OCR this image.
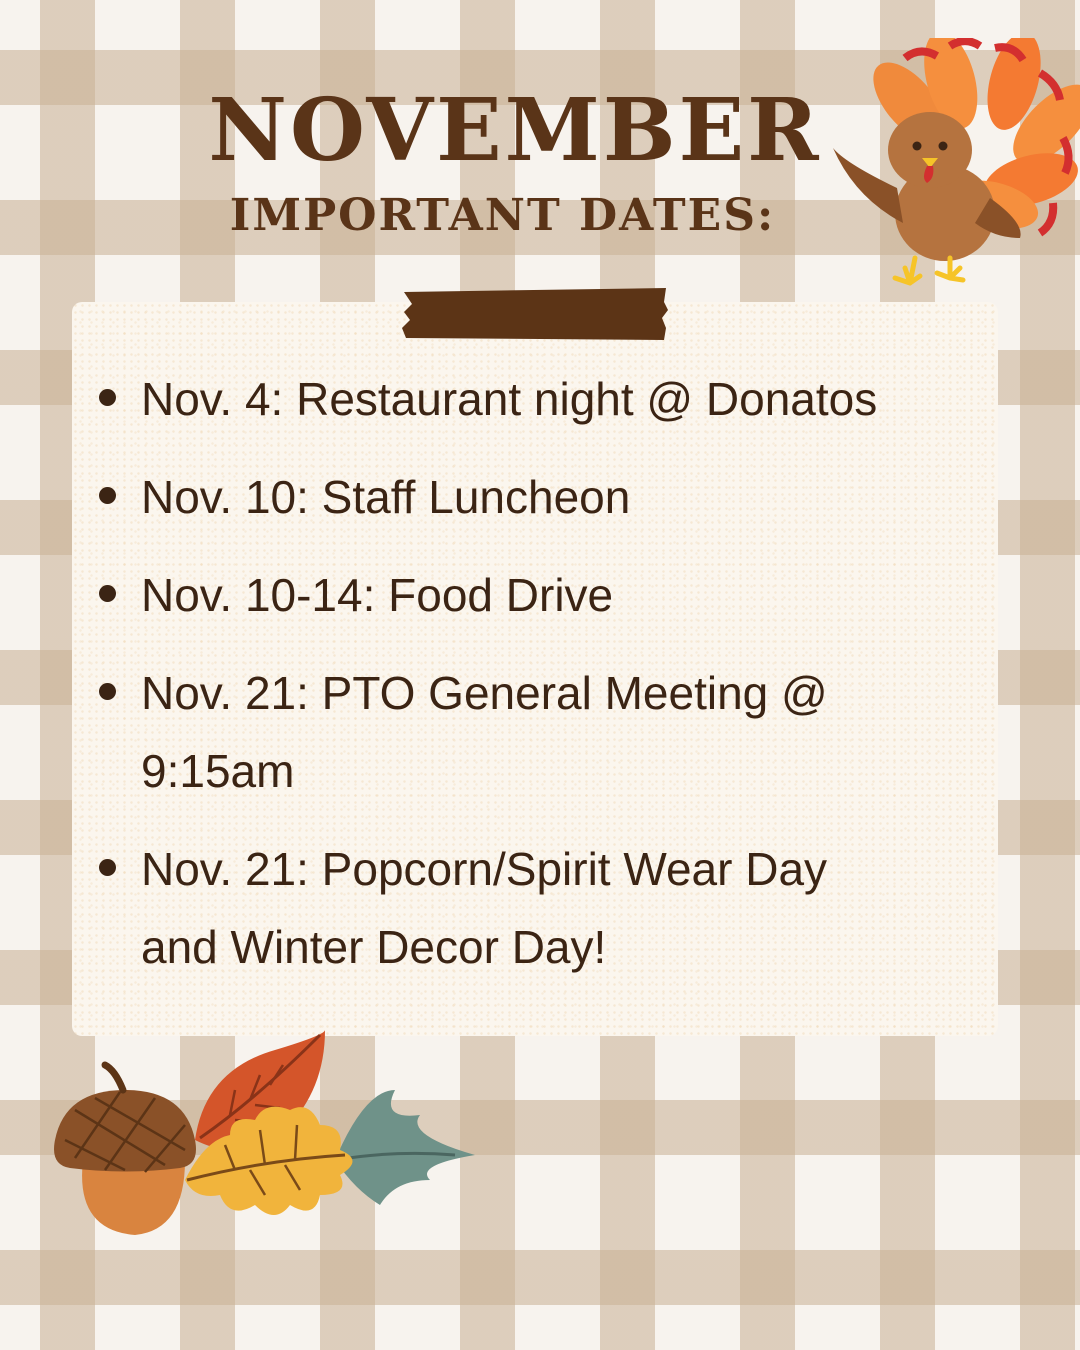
NOVEMBER
IMPORTANT DATES:
Nov. 4: Restaurant night @ Donatos
Nov. 10: Staff Luncheon
Nov. 10-14: Food Drive
Nov. 21: PTO General Meeting @ 9:15am
Nov. 21: Popcorn/Spirit Wear Day and Winter Decor Day!
